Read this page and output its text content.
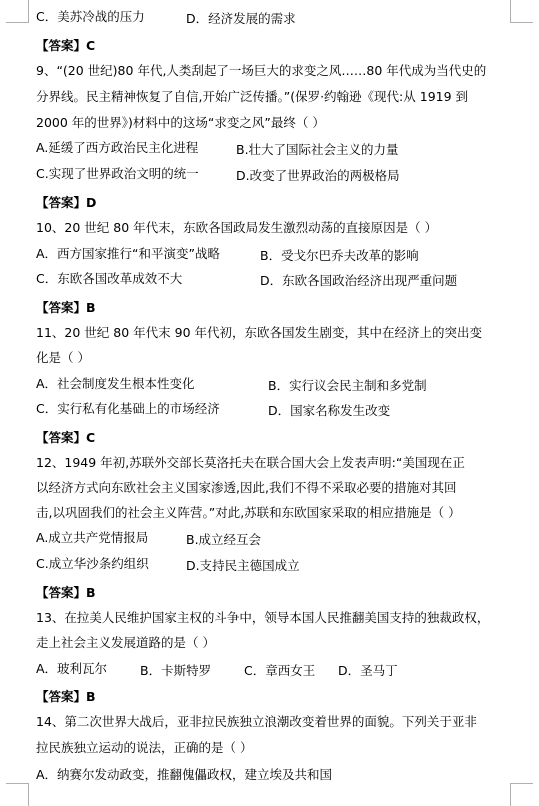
C．美苏冷战的压力	D．经济发展的需求
【答案】C
9、“(20 世纪)80 年代,人类刮起了一场巨大的求变之风……80 年代成为当代史的
分界线。民主精神恢复了自信,开始广泛传播。”(保罗·约翰逊《现代:从 1919 到
2000 年的世界》)材料中的这场“求变之风”最终（ ）
A.延缓了西方政治民主化进程	B.壮大了国际社会主义的力量
C.实现了世界政治文明的统一	D.改变了世界政治的两极格局
【答案】D
10、20 世纪 80 年代末，东欧各国政局发生激烈动荡的直接原因是（ ）
A．西方国家推行“和平演变”战略	B．受戈尔巴乔夫改革的影响
C．东欧各国改革成效不大	D．东欧各国政治经济出现严重问题
【答案】B
11、20 世纪 80 年代末 90 年代初，东欧各国发生剧变，其中在经济上的突出变
化是（ ）
A．社会制度发生根本性变化	B．实行议会民主制和多党制
C．实行私有化基础上的市场经济	D．国家名称发生改变
【答案】C
12、1949 年初,苏联外交部长莫洛托夫在联合国大会上发表声明:“美国现在正
以经济方式向东欧社会主义国家渗透,因此,我们不得不采取必要的措施对其回
击,以巩固我们的社会主义阵营。”对此,苏联和东欧国家采取的相应措施是（ ）
A.成立共产党情报局	B.成立经互会
C.成立华沙条约组织	D.支持民主德国成立
【答案】B
13、在拉美人民维护国家主权的斗争中，领导本国人民推翻美国支持的独裁政权，
走上社会主义发展道路的是（ ）
A．玻利瓦尔	B．卡斯特罗	C．章西女王 D．圣马丁
【答案】B
14、第二次世界大战后，亚非拉民族独立浪潮改变着世界的面貌。下列关于亚非
拉民族独立运动的说法，正确的是（ ）
A．纳赛尔发动政变，推翻傀儡政权，建立埃及共和国
